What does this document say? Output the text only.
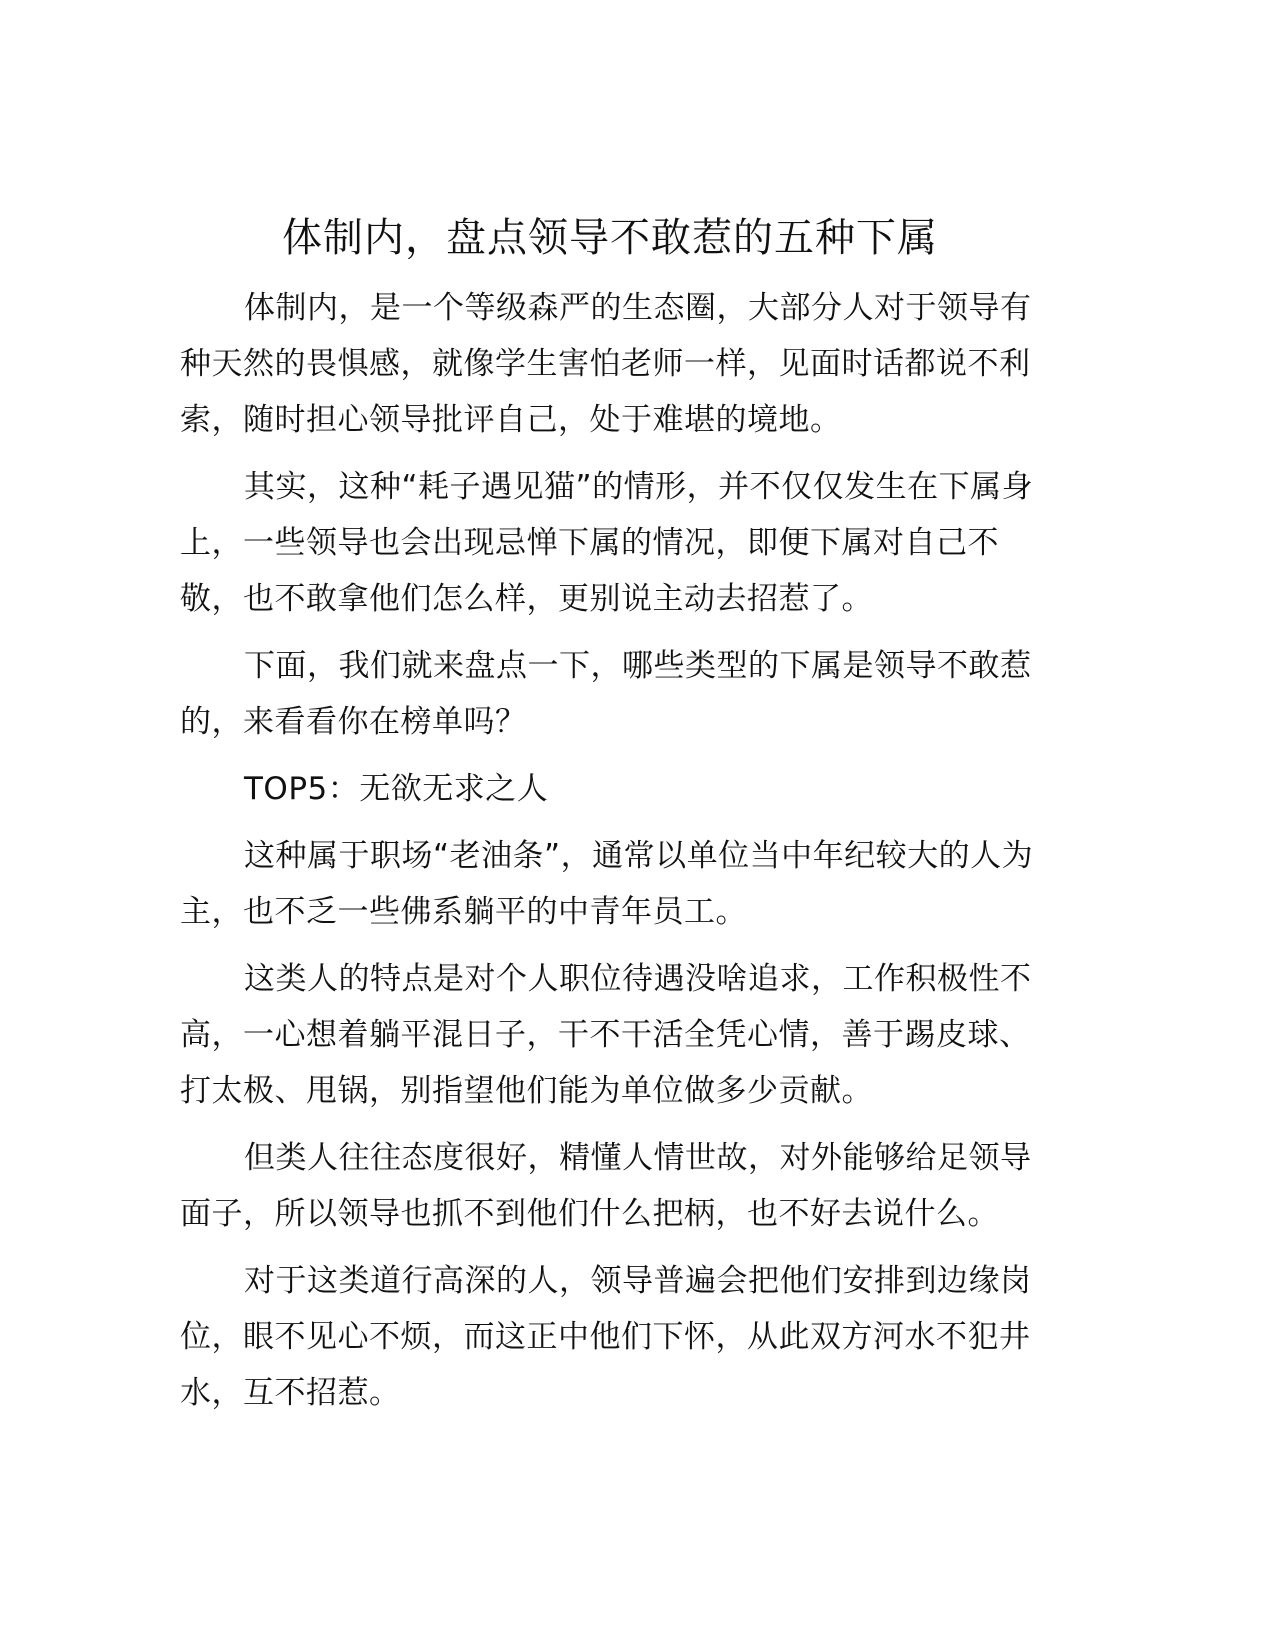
体制内，盘点领导不敢惹的五种下属

体制内，是一个等级森严的生态圈，大部分人对于领导有种天然的畏惧感，就像学生害怕老师一样，见面时话都说不利索，随时担心领导批评自己，处于难堪的境地。

其实，这种“耗子遇见猫”的情形，并不仅仅发生在下属身上，一些领导也会出现忌惮下属的情况，即便下属对自己不敬，也不敢拿他们怎么样，更别说主动去招惹了。

下面，我们就来盘点一下，哪些类型的下属是领导不敢惹的，来看看你在榜单吗？

TOP5：无欲无求之人

这种属于职场“老油条”，通常以单位当中年纪较大的人为主，也不乏一些佛系躺平的中青年员工。

这类人的特点是对个人职位待遇没啥追求，工作积极性不高，一心想着躺平混日子，干不干活全凭心情，善于踢皮球、打太极、甩锅，别指望他们能为单位做多少贡献。

但类人往往态度很好，精懂人情世故，对外能够给足领导面子，所以领导也抓不到他们什么把柄，也不好去说什么。

对于这类道行高深的人，领导普遍会把他们安排到边缘岗位，眼不见心不烦，而这正中他们下怀，从此双方河水不犯井水，互不招惹。
